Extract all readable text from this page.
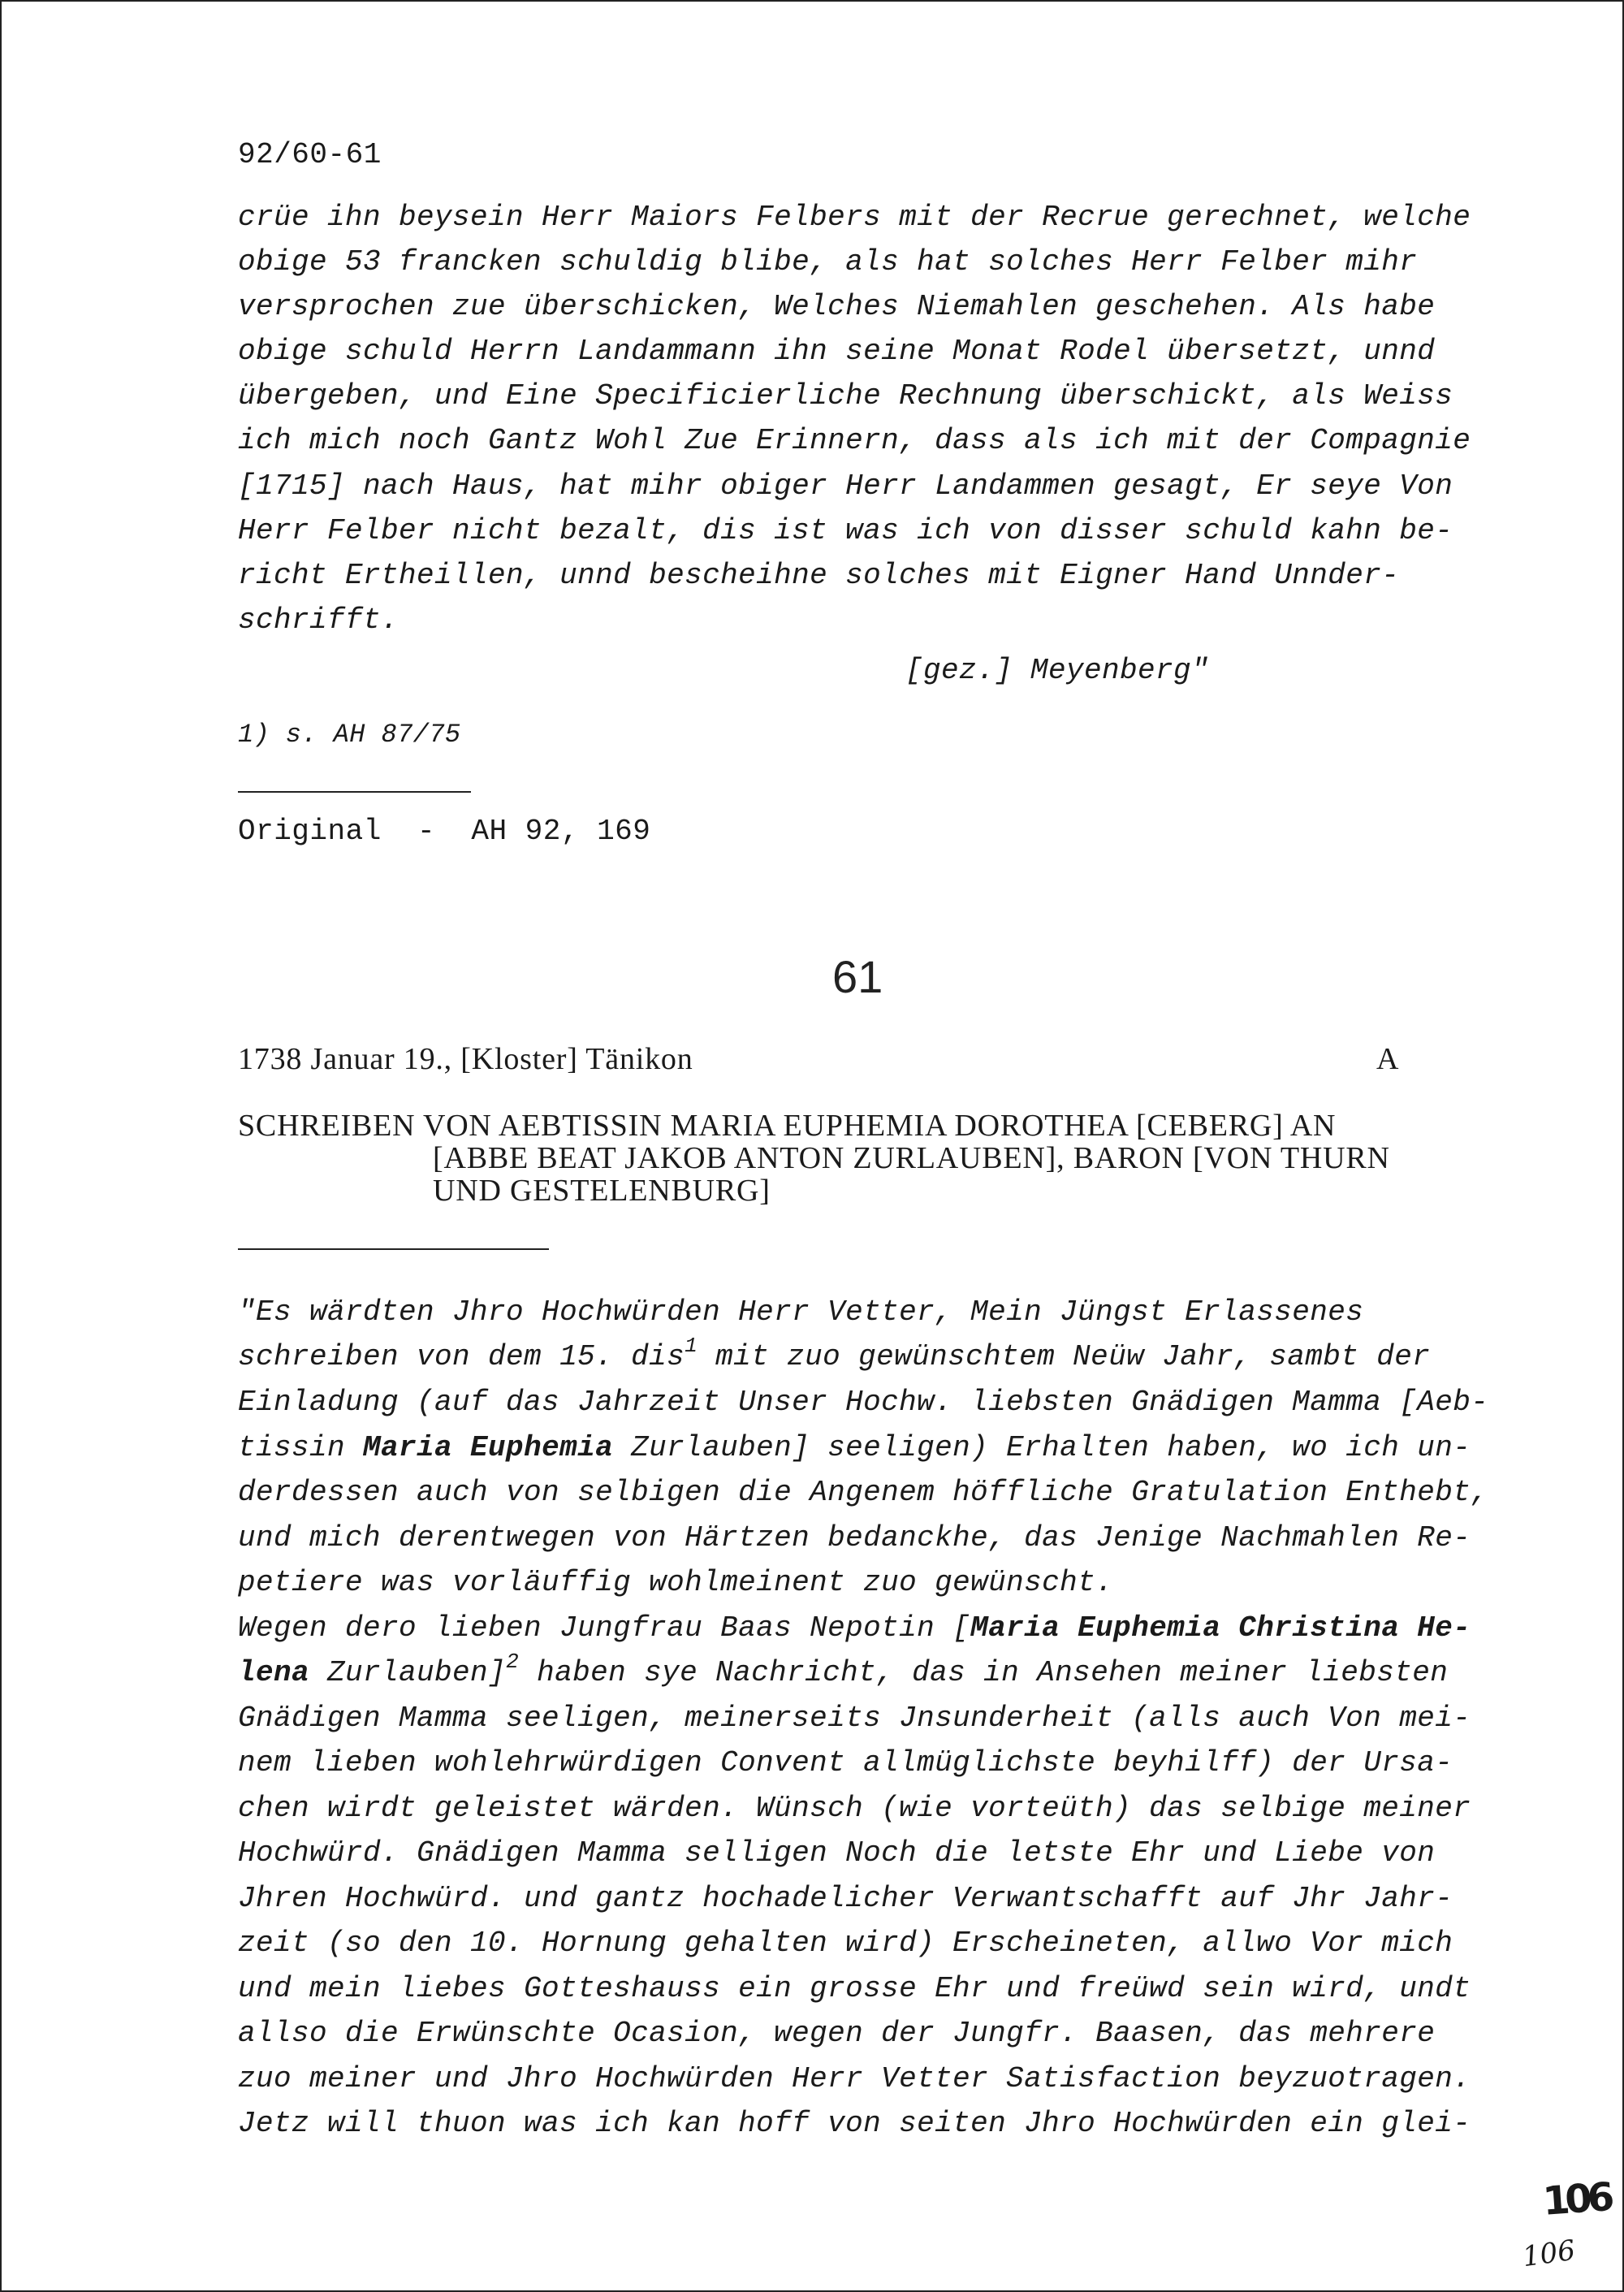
92/60-61
crüe ihn beysein Herr Maiors Felbers mit der Recrue gerechnet, welche
obige 53 francken schuldig blibe, als hat solches Herr Felber mihr
versprochen zue überschicken, Welches Niemahlen geschehen. Als habe
obige schuld Herrn Landammann ihn seine Monat Rodel übersetzt, unnd
übergeben, und Eine Specificierliche Rechnung überschickt, als Weiss
ich mich noch Gantz Wohl Zue Erinnern, dass als ich mit der Compagnie
[1715] nach Haus, hat mihr obiger Herr Landammen gesagt, Er seye Von
Herr Felber nicht bezalt, dis ist was ich von disser schuld kahn be-
richt Ertheillen, unnd bescheihne solches mit Eigner Hand Unnder-
schrifft.
[gez.] Meyenberg"
1) s. AH 87/75
Original  -  AH 92, 169
61
1738 Januar 19., [Kloster] Tänikon	A
SCHREIBEN VON AEBTISSIN MARIA EUPHEMIA DOROTHEA [CEBERG] AN
[ABBE BEAT JAKOB ANTON ZURLAUBEN], BARON [VON THURN
UND GESTELENBURG]
"Es wärdten Jhro Hochwürden Herr Vetter, Mein Jüngst Erlassenes
schreiben von dem 15. dis$^1$ mit zuo gewünschtem Neüw Jahr, sambt der
Einladung (auf das Jahrzeit Unser Hochw. liebsten Gnädigen Mamma [Aeb-
tissin Maria Euphemia Zurlauben] seeligen) Erhalten haben, wo ich un-
derdessen auch von selbigen die Angenem höffliche Gratulation Enthebt,
und mich derentwegen von Härtzen bedanckhe, das Jenige Nachmahlen Re-
petiere was vorläuffig wohlmeinent zuo gewünscht.
Wegen dero lieben Jungfrau Baas Nepotin [Maria Euphemia Christina He-
lena Zurlauben]$^2$ haben sye Nachricht, das in Ansehen meiner liebsten
Gnädigen Mamma seeligen, meinerseits Jnsunderheit (alls auch Von mei-
nem lieben wohlehrwürdigen Convent allmüglichste beyhilff) der Ursa-
chen wirdt geleistet wärden. Wünsch (wie vorteüth) das selbige meiner
Hochwürd. Gnädigen Mamma selligen Noch die letste Ehr und Liebe von
Jhren Hochwürd. und gantz hochadelicher Verwantschafft auf Jhr Jahr-
zeit (so den 10. Hornung gehalten wird) Erscheineten, allwo Vor mich
und mein liebes Gotteshauss ein grosse Ehr und freüwd sein wird, undt
allso die Erwünschte Ocasion, wegen der Jungfr. Baasen, das mehrere
zuo meiner und Jhro Hochwürden Herr Vetter Satisfaction beyzuotragen.
Jetz will thuon was ich kan hoff von seiten Jhro Hochwürden ein glei-
106
106
